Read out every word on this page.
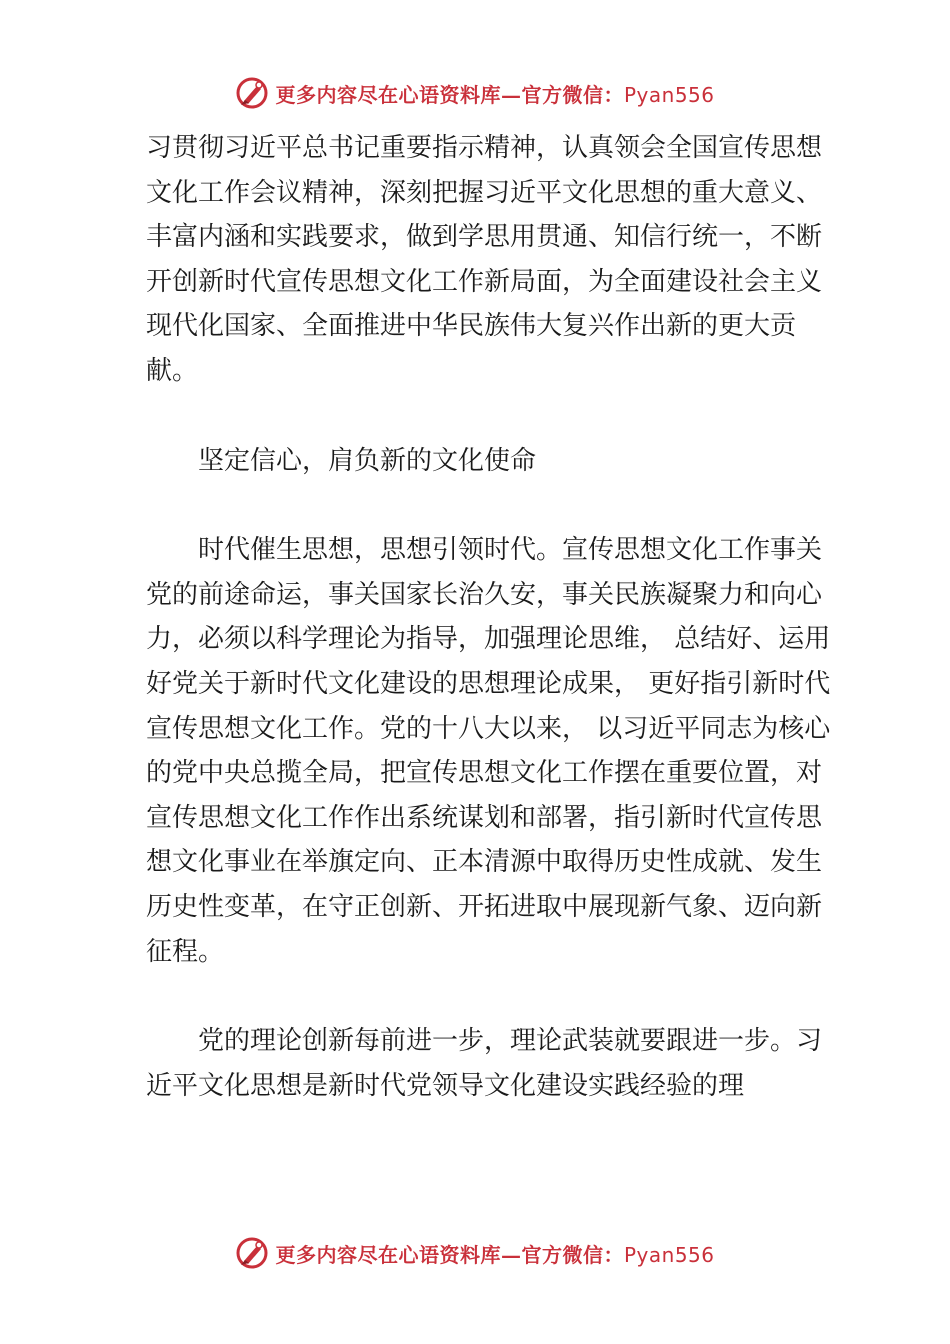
更多内容尽在心语资料库—官方微信：Pyan556

习贯彻习近平总书记重要指示精神，认真领会全国宣传思想文化工作会议精神，深刻把握习近平文化思想的重大意义、丰富内涵和实践要求，做到学思用贯通、知信行统一，不断开创新时代宣传思想文化工作新局面，为全面建设社会主义现代化国家、全面推进中华民族伟大复兴作出新的更大贡献。

坚定信心，肩负新的文化使命

时代催生思想，思想引领时代。宣传思想文化工作事关党的前途命运，事关国家长治久安，事关民族凝聚力和向心力，必须以科学理论为指导，加强理论思维， 总结好、运用好党关于新时代文化建设的思想理论成果， 更好指引新时代宣传思想文化工作。党的十八大以来， 以习近平同志为核心的党中央总揽全局，把宣传思想文化工作摆在重要位置，对宣传思想文化工作作出系统谋划和部署，指引新时代宣传思想文化事业在举旗定向、正本清源中取得历史性成就、发生历史性变革，在守正创新、开拓进取中展现新气象、迈向新征程。

党的理论创新每前进一步，理论武装就要跟进一步。习近平文化思想是新时代党领导文化建设实践经验的理

更多内容尽在心语资料库—官方微信：Pyan556
